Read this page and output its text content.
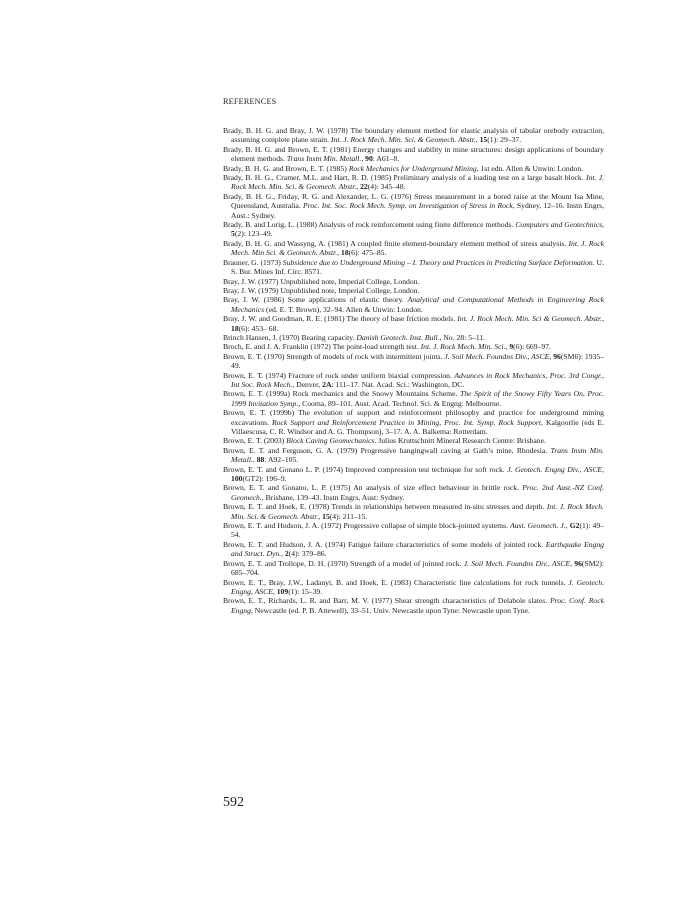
REFERENCES
Brady, B. H. G. and Bray, J. W. (1978) The boundary element method for elastic analysis of tabular orebody extraction, assuming complete plane strain. Int. J. Rock Mech. Min. Sci. & Geomech. Abstr., 15(1): 29–37.
Brady, B. H. G. and Brown, E. T. (1981) Energy changes and stability in mine structures: design applications of boundary element methods. Trans Instn Min. Metall., 90: A61–8.
Brady, B. H. G. and Brown, E. T. (1985) Rock Mechanics for Underground Mining, 1st edn. Allen & Unwin: London.
Brady, B. H. G., Cramer, M.L. and Hart, R. D. (1985) Preliminary analysis of a loading test on a large basalt block. Int. J. Rock Mech. Min. Sci. & Geomech. Abstr., 22(4): 345–48.
Brady, B. H. G., Friday, R. G. and Alexander, L. G. (1976) Stress measurement in a bored raise at the Mount Isa Mine, Queensland, Australia. Proc. Int. Soc. Rock Mech. Symp. on Investigation of Stress in Rock, Sydney, 12–16. Instn Engrs, Aust.: Sydney.
Brady, B. and Lorig, L. (1988) Analysis of rock reinforcement using finite difference methods. Computers and Geotechnics, 5(2): 123–49.
Brady, B. H. G. and Wassyng, A. (1981) A coupled finite element-boundary element method of stress analysis. Int. J. Rock Mech. Min Sci. & Geomech. Abstr., 18(6): 475–85.
Brauner, G. (1973) Subsidence due to Underground Mining – I. Theory and Practices in Predicting Surface Deformation. U. S. Bur. Mines Inf. Circ. 8571.
Bray, J. W. (1977) Unpublished note, Imperial College, London.
Bray, J. W. (1979) Unpublished note, Imperial College, London.
Bray, J. W. (1986) Some applications of elastic theory. Analytical and Computational Methods in Engineering Rock Mechanics (ed. E. T. Brown), 32–94. Allen & Unwin: London.
Bray, J. W. and Goodman, R. E. (1981) The theory of base friction models. Int. J. Rock Mech. Min. Sci & Geomech. Abstr., 18(6): 453– 68.
Brinch Hansen, J. (1970) Bearing capacity. Danish Geotech. Inst. Bull., No. 28: 5–11.
Broch, E. and J. A. Franklin (1972) The point-load strength test. Int. J. Rock Mech. Min. Sci., 9(6): 669–97.
Brown, E. T. (1970) Strength of models of rock with intermittent joints. J. Soil Mech. Foundns Div., ASCE, 96(SM6): 1935–49.
Brown, E. T. (1974) Fracture of rock under uniform biaxial compression. Advances in Rock Mechanics, Proc. 3rd Congr., Int Soc. Rock Mech., Denver, 2A: 111–17. Nat. Acad. Sci.: Washington, DC.
Brown, E. T. (1999a) Rock mechanics and the Snowy Mountains Scheme. The Spirit of the Snowy Fifty Years On, Proc. 1999 Invitation Symp., Cooma, 89–101. Aust. Acad. Technol. Sci. & Engng: Melbourne.
Brown, E. T. (1999b) The evolution of support and reinforcement philosophy and practice for underground mining excavations. Rock Support and Reinforcement Practice in Mining, Proc. Int. Symp. Rock Support, Kalgoorlie (eds E. Villaescusa, C. R. Windsor and A. G. Thompson), 3–17. A. A. Balkema: Rotterdam.
Brown, E. T. (2003) Block Caving Geomechanics. Julius Kruttschnitt Mineral Research Centre: Brisbane.
Brown, E. T. and Ferguson, G. A. (1979) Progressive hangingwall caving at Gath’s mine, Rhodesia. Trans Instn Min. Metall., 88: A92–105.
Brown, E. T. and Gonano L. P. (1974) Improved compression test technique for soft rock. J. Geotech. Engng Div., ASCE, 100(GT2): 196–9.
Brown, E. T. and Gonano, L. P. (1975) An analysis of size effect behaviour in brittle rock. Proc. 2nd Aust.-NZ Conf. Geomech., Brisbane, 139–43. Instn Engrs, Aust: Sydney.
Brown, E. T. and Hoek, E. (1978) Trends in relationships between measured in-situ stresses and depth. Int. J. Rock Mech. Min. Sci. & Geomech. Abstr., 15(4): 211–15.
Brown, E. T. and Hudson, J. A. (1972) Progressive collapse of simple block-jointed systems. Aust. Geomech. J., G2(1): 49–54.
Brown, E. T. and Hudson, J. A. (1974) Fatigue failure characteristics of some models of jointed rock. Earthquake Engng and Struct. Dyn., 2(4): 379–86.
Brown, E. T. and Trollope, D. H. (1970) Strength of a model of jointed rock. J. Soil Mech. Foundns Div., ASCE, 96(SM2): 685–704.
Brown, E. T., Bray, J.W., Ladanyi, B. and Hoek, E. (1983) Characteristic line calculations for rock tunnels. J. Geotech. Engng, ASCE, 109(1): 15–39.
Brown, E. T., Richards, L. R. and Barr, M. V. (1977) Shear strength characteristics of Delabole slates. Proc. Conf. Rock Engng, Newcastle (ed. P. B. Attewell), 33–51. Univ. Newcastle upon Tyne: Newcastle upon Tyne.
592
